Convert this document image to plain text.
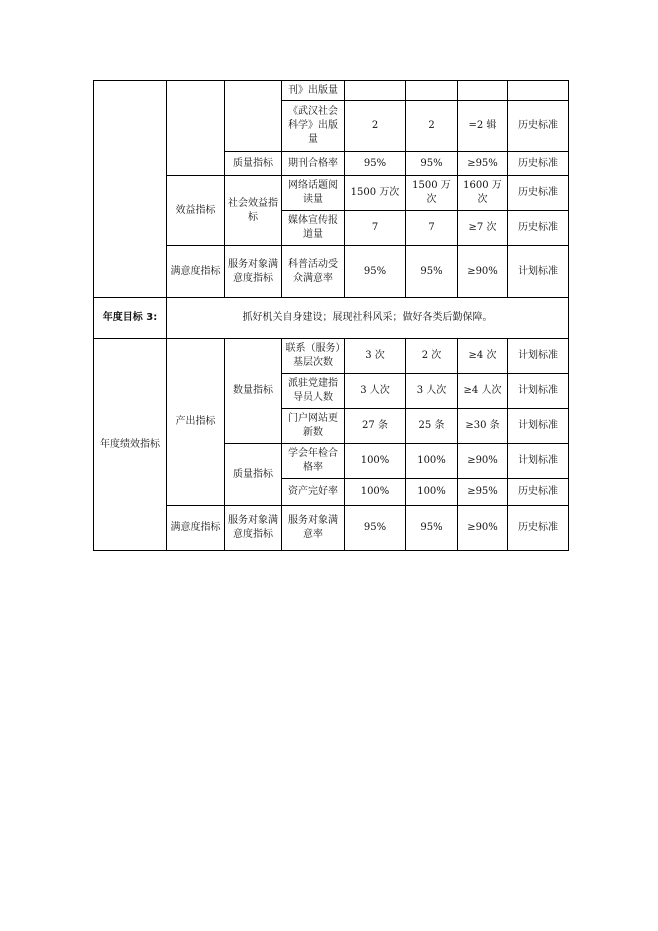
			刊》出版量				
			《武汉社会科学》出版量	2	2	=2 辑	历史标准
		质量指标	期刊合格率	95%	95%	≥95%	历史标准
	效益指标	社会效益指标	网络话题阅读量	1500 万次	1500 万次	1600 万次	历史标准
			媒体宣传报道量	7	7	≥7 次	历史标准
	满意度指标	服务对象满意度指标	科普活动受众满意率	95%	95%	≥90%	计划标准
年度目标 3:	抓好机关自身建设；展现社科风采；做好各类后勤保障。						
年度绩效指标	产出指标	数量指标	联系（服务）基层次数	3 次	2 次	≥4 次	计划标准
			派驻党建指导员人数	3 人次	3 人次	≥4 人次	计划标准
			门户网站更新数	27 条	25 条	≥30 条	计划标准
		质量指标	学会年检合格率	100%	100%	≥90%	计划标准
			资产完好率	100%	100%	≥95%	历史标准
	满意度指标	服务对象满意度指标	服务对象满意率	95%	95%	≥90%	历史标准
